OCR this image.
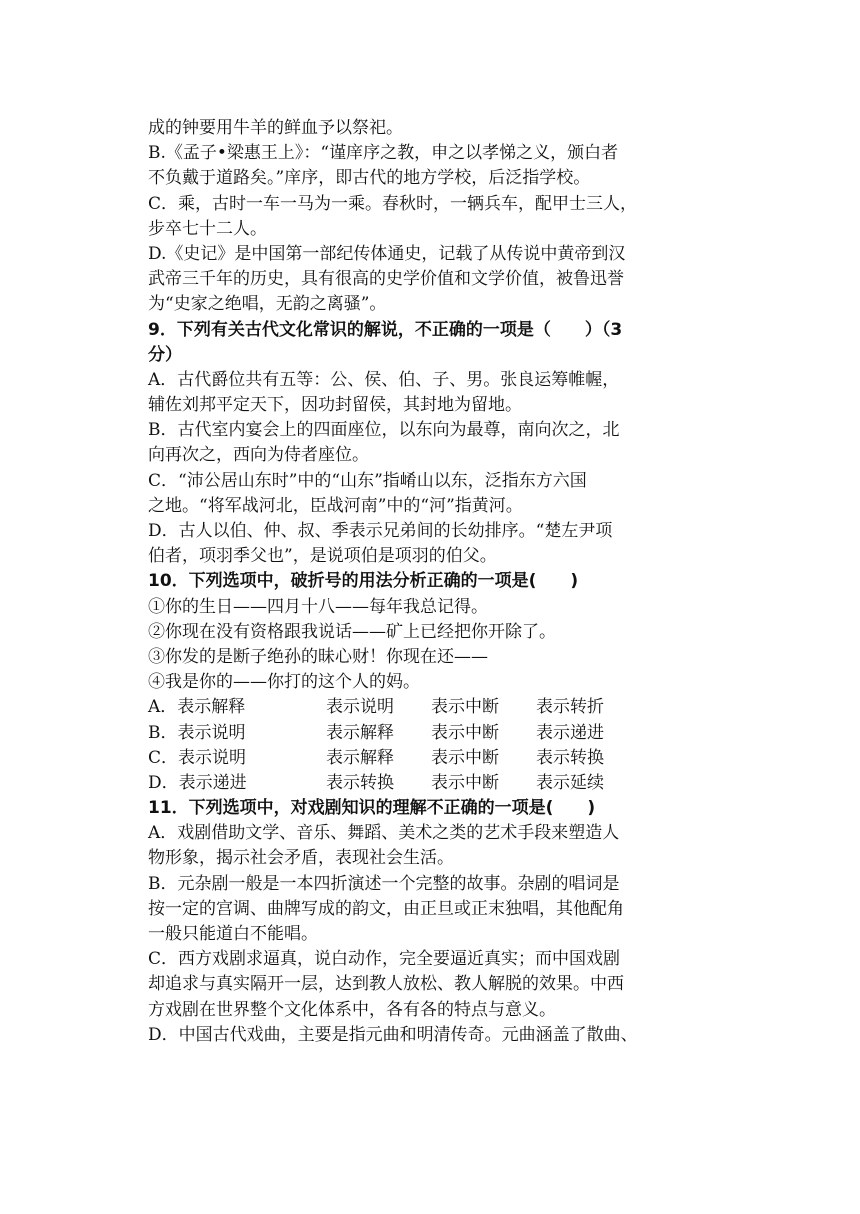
成的钟要用牛羊的鲜血予以祭祀。
B.《孟子•梁惠王上》：“谨庠序之教，申之以孝悌之义，颁白者
不负戴于道路矣。”庠序，即古代的地方学校，后泛指学校。
C．乘，古时一车一马为一乘。春秋时，一辆兵车，配甲士三人，
步卒七十二人。
D.《史记》是中国第一部纪传体通史，记载了从传说中黄帝到汉
武帝三千年的历史，具有很高的史学价值和文学价值，被鲁迅誉
为“史家之绝唱，无韵之离骚”。
9．下列有关古代文化常识的解说，不正确的一项是（　　）（3
分）
A．古代爵位共有五等：公、侯、伯、子、男。张良运筹帷幄，
辅佐刘邦平定天下，因功封留侯，其封地为留地。
B．古代室内宴会上的四面座位，以东向为最尊，南向次之，北
向再次之，西向为侍者座位。
C．“沛公居山东时”中的“山东”指崤山以东，泛指东方六国
之地。“将军战河北，臣战河南”中的“河”指黄河。
D．古人以伯、仲、叔、季表示兄弟间的长幼排序。“楚左尹项
伯者，项羽季父也”，是说项伯是项羽的伯父。
10．下列选项中，破折号的用法分析正确的一项是(　　)
①你的生日——四月十八——每年我总记得。
②你现在没有资格跟我说话——矿上已经把你开除了。
③你发的是断子绝孙的昧心财！你现在还——
④我是你的——你打的这个人的妈。
A．表示解释	表示说明	表示中断	表示转折
B．表示说明	表示解释	表示中断	表示递进
C．表示说明	表示解释	表示中断	表示转换
D．表示递进	表示转换	表示中断	表示延续
11．下列选项中，对戏剧知识的理解不正确的一项是(　　)
A．戏剧借助文学、音乐、舞蹈、美术之类的艺术手段来塑造人
物形象，揭示社会矛盾，表现社会生活。
B．元杂剧一般是一本四折演述一个完整的故事。杂剧的唱词是
按一定的宫调、曲牌写成的韵文，由正旦或正末独唱，其他配角
一般只能道白不能唱。
C．西方戏剧求逼真，说白动作，完全要逼近真实；而中国戏剧
却追求与真实隔开一层，达到教人放松、教人解脱的效果。中西
方戏剧在世界整个文化体系中，各有各的特点与意义。
D．中国古代戏曲，主要是指元曲和明清传奇。元曲涵盖了散曲、
